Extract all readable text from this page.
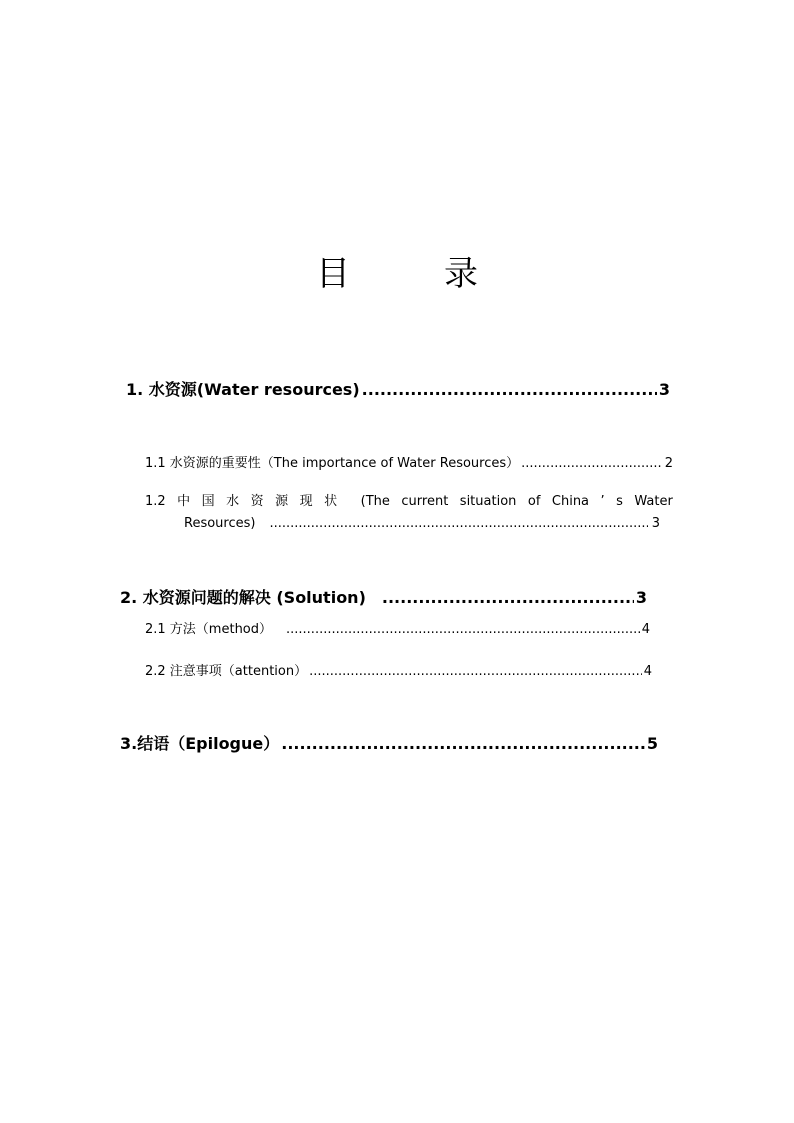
目　录
1. 水资源(Water resources) .....	3
1.1 水资源的重要性（The importance of Water Resources） .....	2
1.2 中 国 水 资 源 现 状 (The current situation of China ’ s Water
Resources) .....	3
2. 水资源问题的解决 (Solution) .....	3
2.1 方法（method） .....	4
2.2 注意事项（attention） .....	4
3.结语（Epilogue） .....	5
